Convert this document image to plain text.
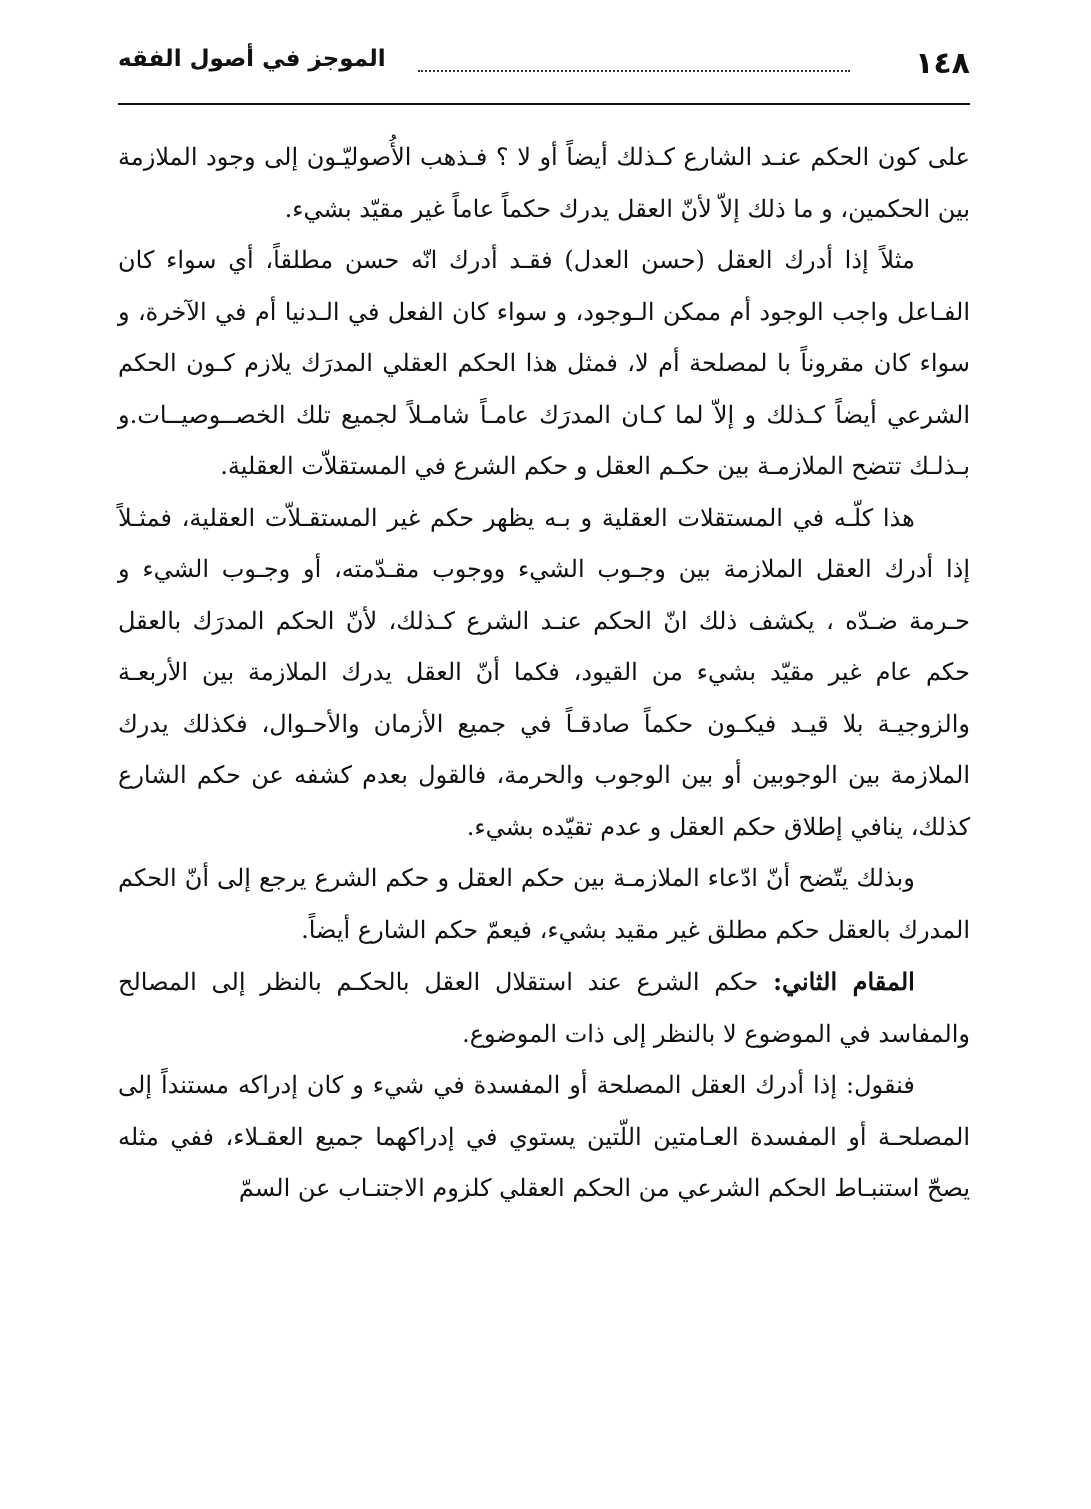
١٤٨
الموجز في أصول الفقه

على كون الحكم عنـد الشارع كـذلك أيضاً أو لا ؟ فـذهب الأُصوليّـون إلى وجود الملازمة بين الحكمين، و ما ذلك إلاّ لأنّ العقل يدرك حكماً عاماً غير مقيّد بشيء.

مثلاً إذا أدرك العقل (حسن العدل) فقـد أدرك انّه حسن مطلقاً، أي سواء كان الفـاعل واجب الوجود أم ممكن الـوجود، و سواء كان الفعل في الـدنيا أم في الآخرة، و سواء كان مقروناً با لمصلحة أم لا، فمثل هذا الحكم العقلي المدرَك يلازم كـون الحكم الشرعي أيضاً كـذلك و إلاّ لما كـان المدرَك عامـاً شامـلاً لجميع تلك الخصــوصيــات.و بـذلـك تتضح الملازمـة بين حكـم العقل و حكم الشرع في المستقلاّت العقلية.

هذا كلّـه في المستقلات العقلية و بـه يظهر حكم غير المستقـلاّت العقلية، فمثـلاً إذا أدرك العقل الملازمة بين وجـوب الشيء ووجوب مقـدّمته، أو وجـوب الشيء و حـرمة ضـدّه ، يكشف ذلك انّ الحكم عنـد الشرع كـذلك، لأنّ الحكم المدرَك بالعقل حكم عام غير مقيّد بشيء من القيود، فكما أنّ العقل يدرك الملازمة بين الأربعـة والزوجيـة بلا قيـد فيكـون حكماً صادقـاً في جميع الأزمان والأحـوال، فكذلك يدرك الملازمة بين الوجوبين أو بين الوجوب والحرمة، فالقول بعدم كشفه عن حكم الشارع كذلك، ينافي إطلاق حكم العقل و عدم تقيّده بشيء.

وبذلك يتّضح أنّ ادّعاء الملازمـة بين حكم العقل و حكم الشرع يرجع إلى أنّ الحكم المدرك بالعقل حكم مطلق غير مقيد بشيء، فيعمّ حكم الشارع أيضاً.

المقام الثاني: حكم الشرع عند استقلال العقل بالحكـم بالنظر إلى المصالح والمفاسد في الموضوع لا بالنظر إلى ذات الموضوع.

فنقول: إذا أدرك العقل المصلحة أو المفسدة في شيء و كان إدراكه مستنداً إلى المصلحـة أو المفسدة العـامتين اللّتين يستوي في إدراكهما جميع العقـلاء، ففي مثله يصحّ استنبـاط الحكم الشرعي من الحكم العقلي كلزوم الاجتنـاب عن السمّ
